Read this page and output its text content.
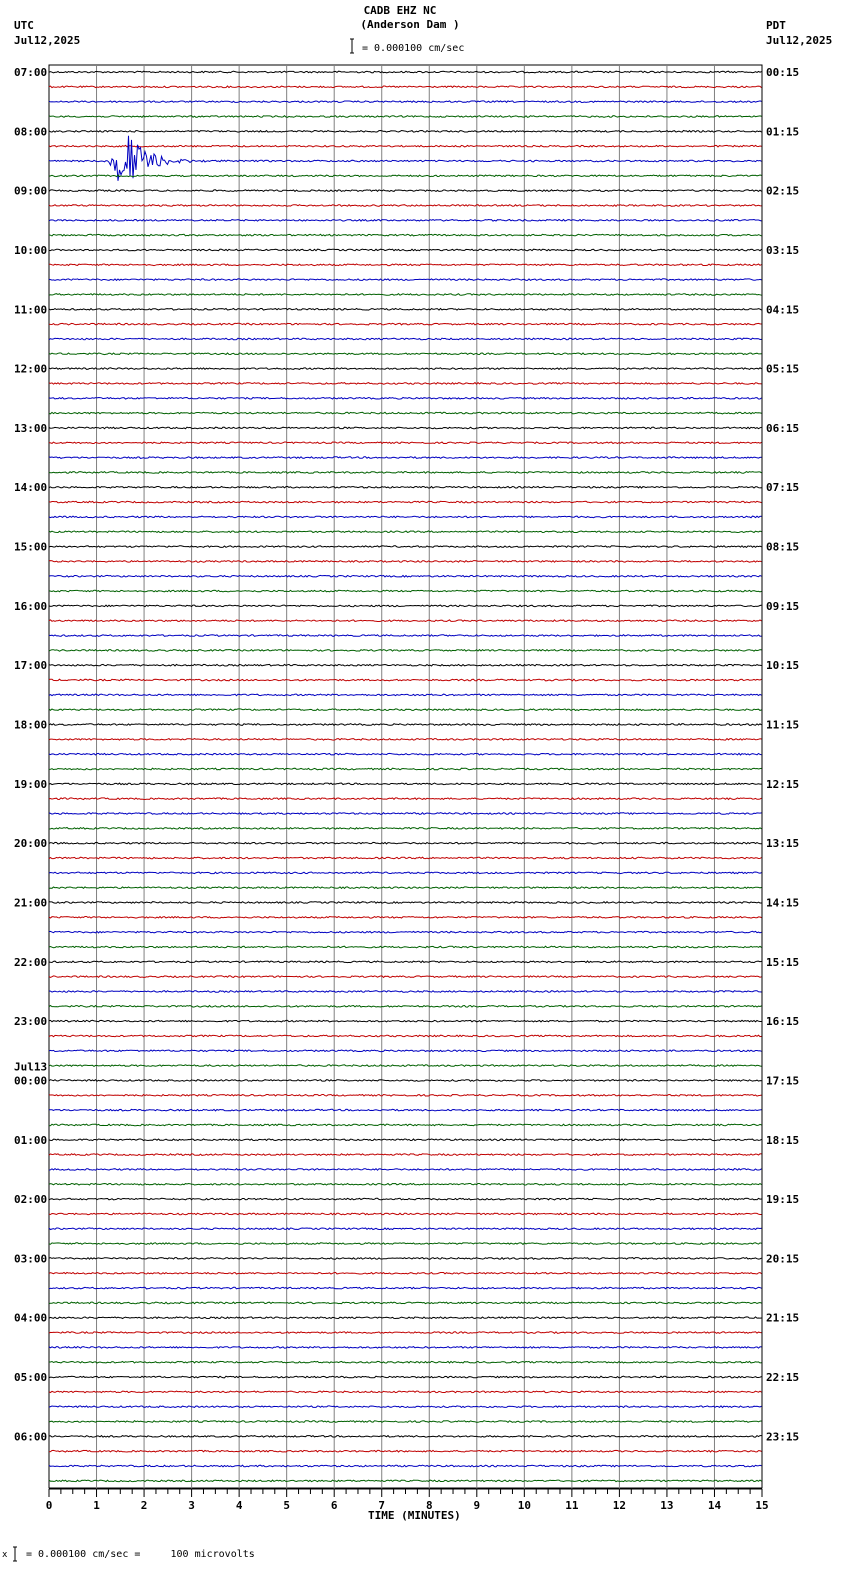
CADB EHZ NC
(Anderson Dam )
UTC
Jul12,2025
PDT
Jul12,2025
= 0.000100 cm/sec
x = 0.000100 cm/sec =     100 microvolts
TIME (MINUTES)
07:00
08:00
09:00
10:00
11:00
12:00
13:00
14:00
15:00
16:00
17:00
18:00
19:00
20:00
21:00
22:00
23:00
00:00
Jul13
01:00
02:00
03:00
04:00
05:00
06:00
00:15
01:15
02:15
03:15
04:15
05:15
06:15
07:15
08:15
09:15
10:15
11:15
12:15
13:15
14:15
15:15
16:15
17:15
18:15
19:15
20:15
21:15
22:15
23:15
0	1	2	3	4	5	6	7	8	9	10	11	12	13	14	15
